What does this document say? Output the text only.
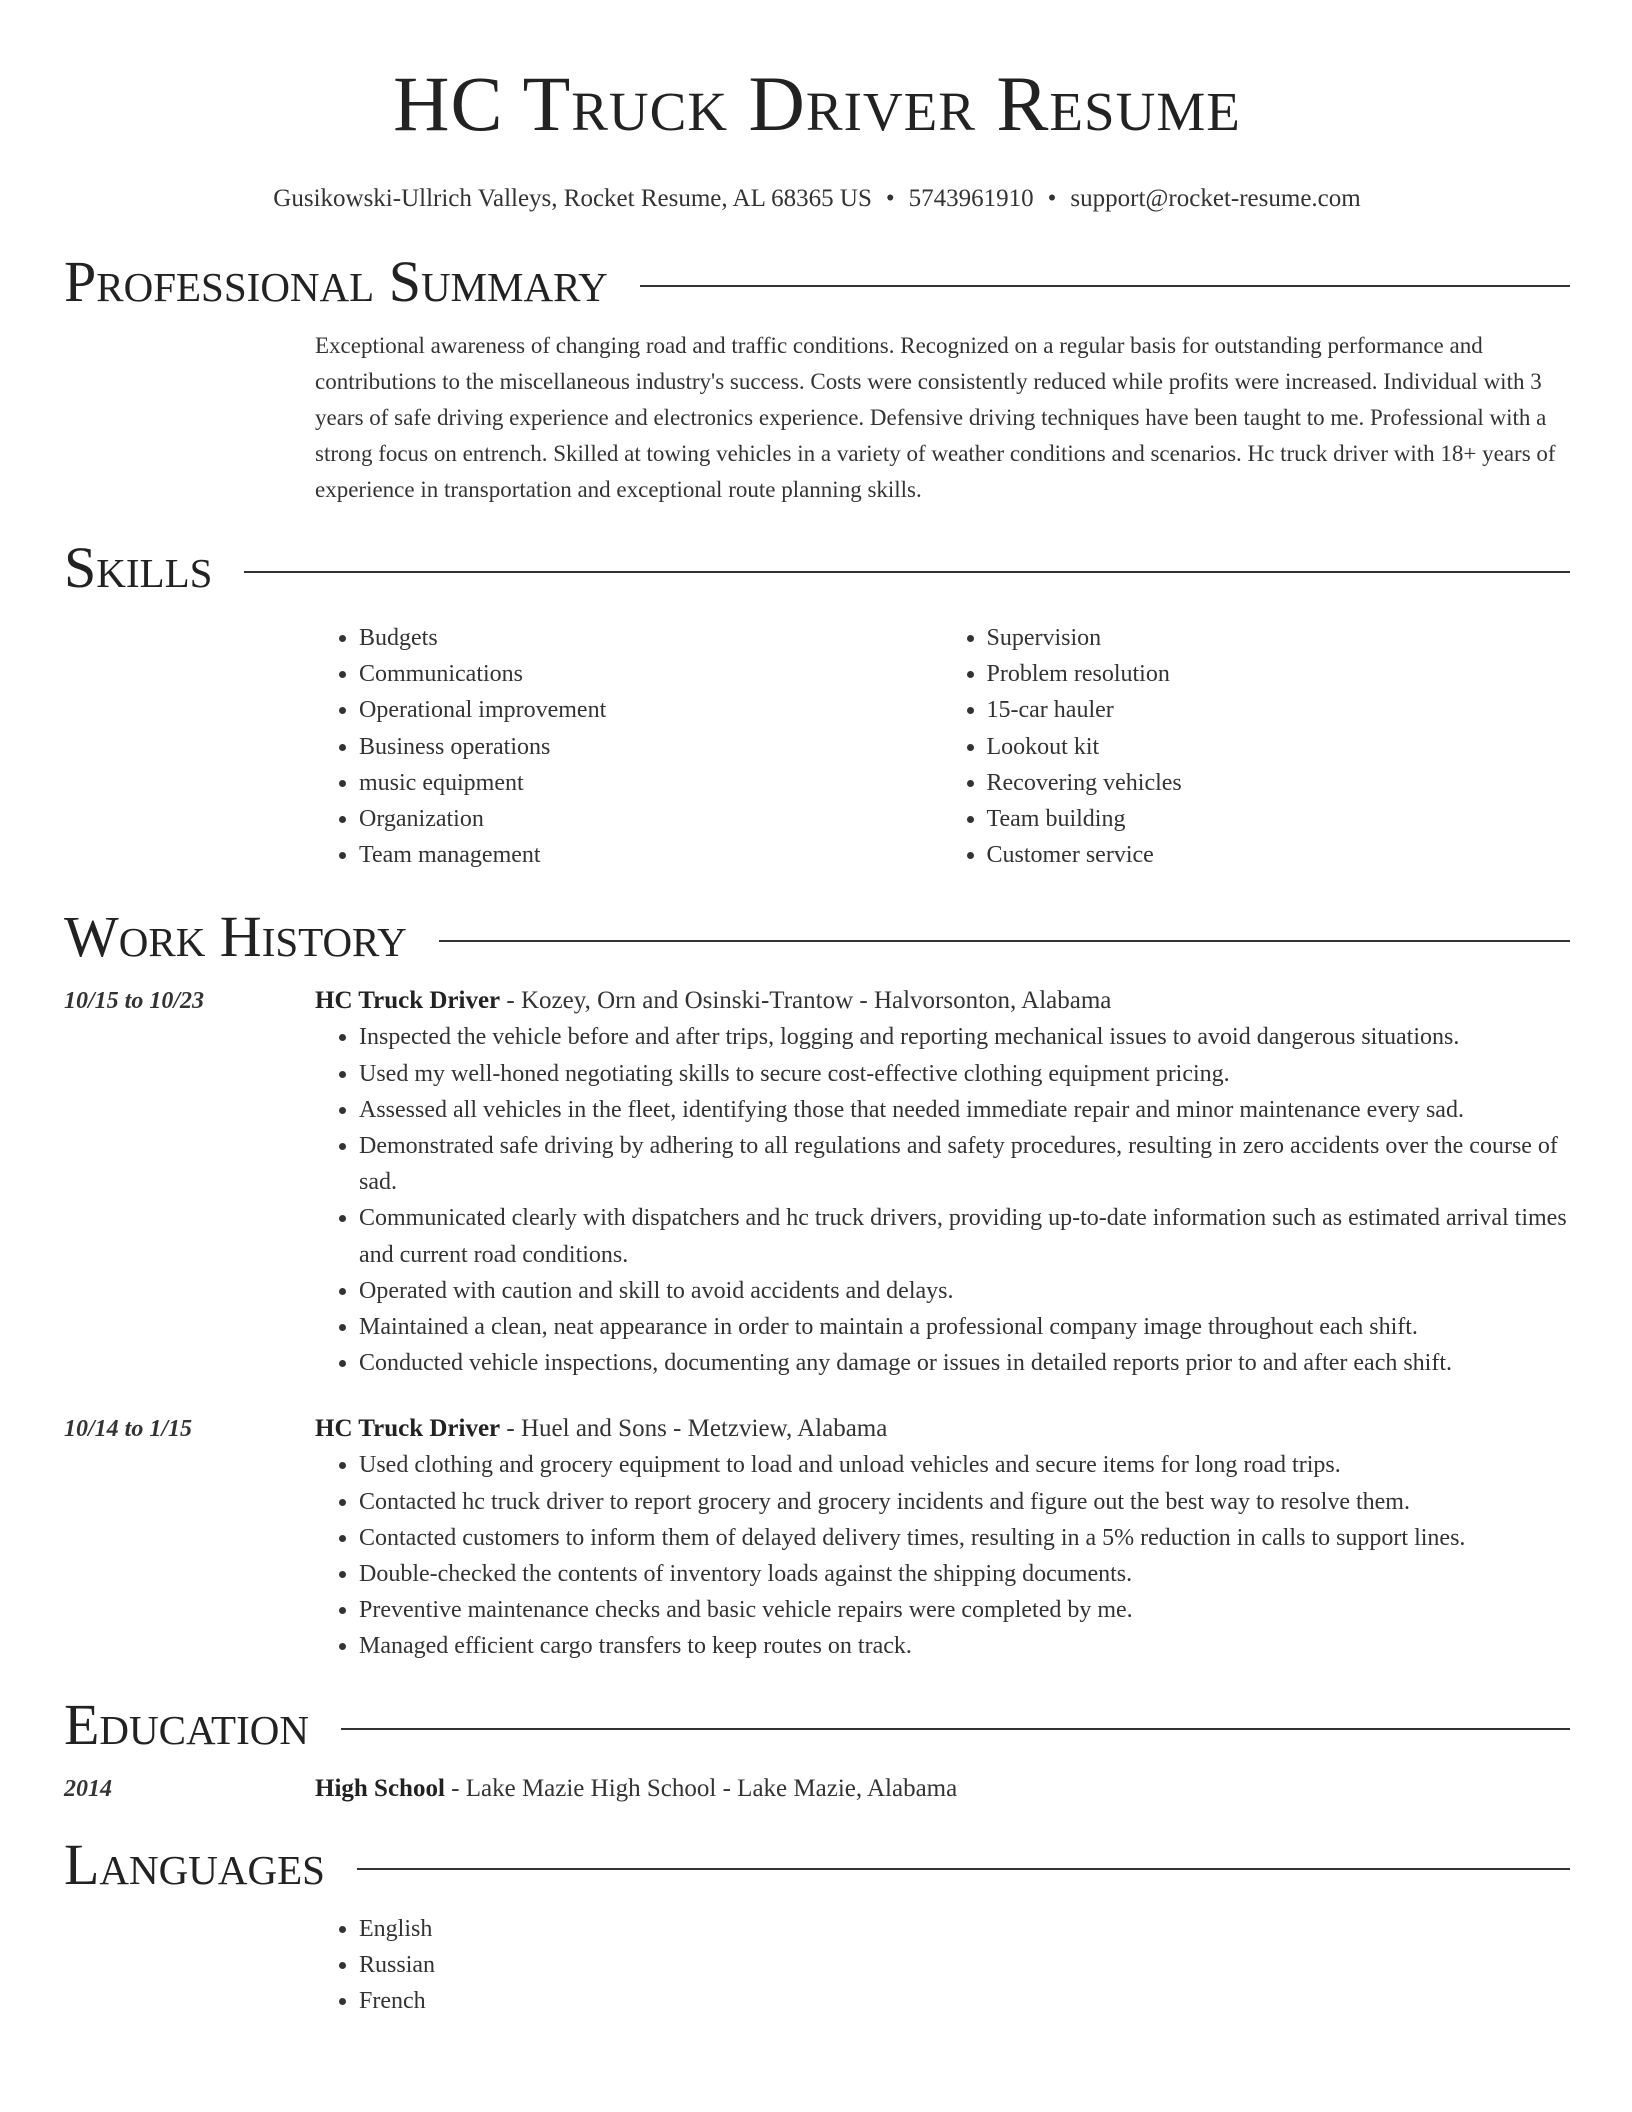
HC Truck Driver Resume
Gusikowski-Ullrich Valleys, Rocket Resume, AL 68365 US • 5743961910 • support@rocket-resume.com
Professional Summary
Exceptional awareness of changing road and traffic conditions. Recognized on a regular basis for outstanding performance and contributions to the miscellaneous industry's success. Costs were consistently reduced while profits were increased. Individual with 3 years of safe driving experience and electronics experience. Defensive driving techniques have been taught to me. Professional with a strong focus on entrench. Skilled at towing vehicles in a variety of weather conditions and scenarios. Hc truck driver with 18+ years of experience in transportation and exceptional route planning skills.
Skills
• Budgets
• Communications
• Operational improvement
• Business operations
• music equipment
• Organization
• Team management
• Supervision
• Problem resolution
• 15-car hauler
• Lookout kit
• Recovering vehicles
• Team building
• Customer service
Work History
10/15 to 10/23	HC Truck Driver - Kozey, Orn and Osinski-Trantow - Halvorsonton, Alabama
• Inspected the vehicle before and after trips, logging and reporting mechanical issues to avoid dangerous situations.
• Used my well-honed negotiating skills to secure cost-effective clothing equipment pricing.
• Assessed all vehicles in the fleet, identifying those that needed immediate repair and minor maintenance every sad.
• Demonstrated safe driving by adhering to all regulations and safety procedures, resulting in zero accidents over the course of sad.
• Communicated clearly with dispatchers and hc truck drivers, providing up-to-date information such as estimated arrival times and current road conditions.
• Operated with caution and skill to avoid accidents and delays.
• Maintained a clean, neat appearance in order to maintain a professional company image throughout each shift.
• Conducted vehicle inspections, documenting any damage or issues in detailed reports prior to and after each shift.
10/14 to 1/15	HC Truck Driver - Huel and Sons - Metzview, Alabama
• Used clothing and grocery equipment to load and unload vehicles and secure items for long road trips.
• Contacted hc truck driver to report grocery and grocery incidents and figure out the best way to resolve them.
• Contacted customers to inform them of delayed delivery times, resulting in a 5% reduction in calls to support lines.
• Double-checked the contents of inventory loads against the shipping documents.
• Preventive maintenance checks and basic vehicle repairs were completed by me.
• Managed efficient cargo transfers to keep routes on track.
Education
2014	High School - Lake Mazie High School - Lake Mazie, Alabama
Languages
• English
• Russian
• French
